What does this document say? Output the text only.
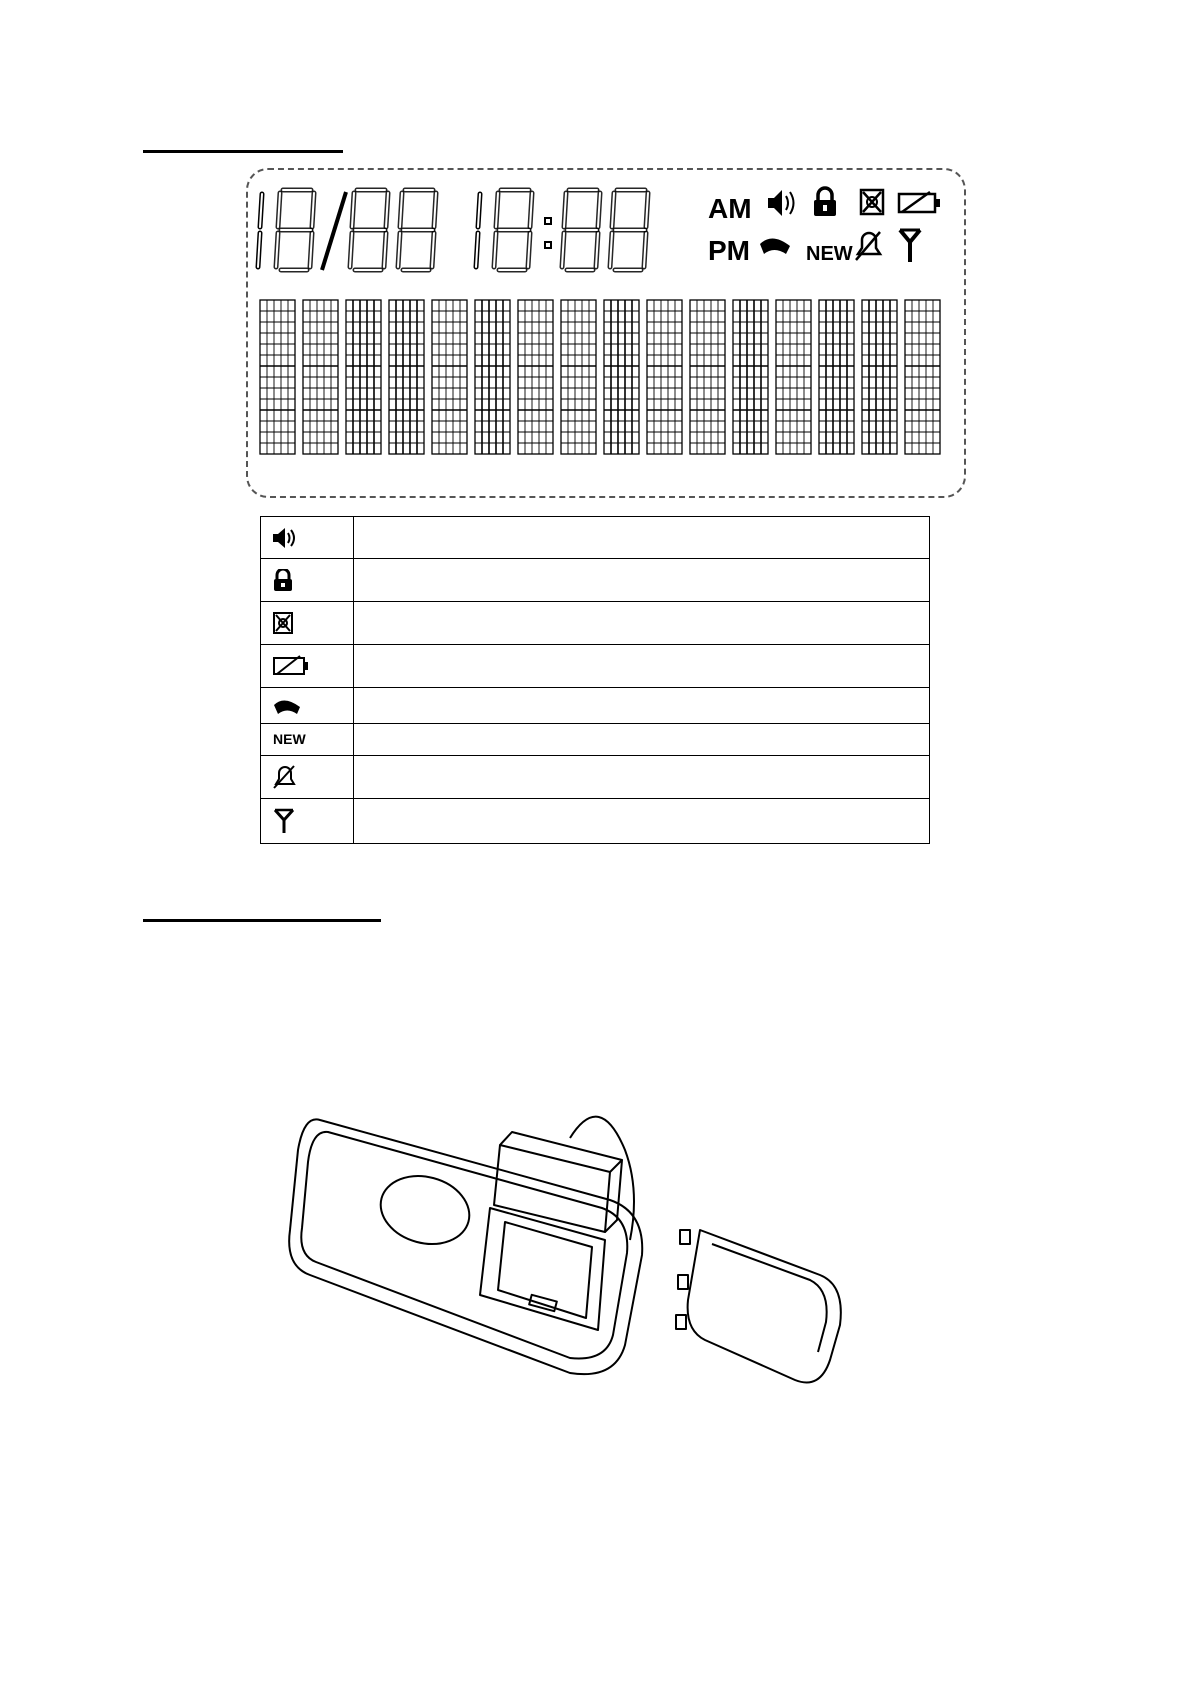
AM
PM	NEW

NEW	
